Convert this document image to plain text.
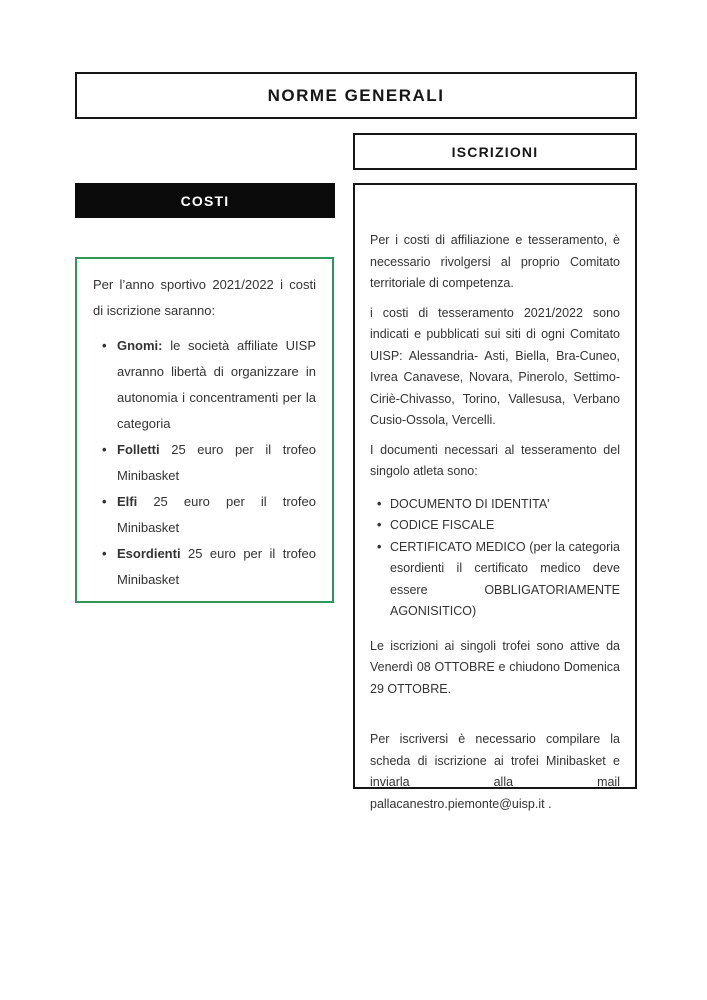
NORME GENERALI
ISCRIZIONI
COSTI

Per l’anno sportivo 2021/2022 i costi di iscrizione saranno:

•
Gnomi: le società affiliate UISP avranno libertà di organizzare in autonomia i concentramenti per la categoria
•
Folletti 25 euro per il trofeo Minibasket
•
Elfi 25 euro per il trofeo Minibasket
•
Esordienti 25 euro per il trofeo Minibasket

Per i costi di affiliazione e tesseramento, è necessario rivolgersi al proprio Comitato territoriale di competenza.

i costi di tesseramento 2021/2022 sono indicati e pubblicati sui siti di ogni Comitato UISP: Alessandria- Asti, Biella, Bra-Cuneo, Ivrea Canavese, Novara, Pinerolo, Settimo-Ciriè-Chivasso, Torino, Vallesusa, Verbano Cusio-Ossola, Vercelli.

I documenti necessari al tesseramento del singolo atleta sono:

•
DOCUMENTO DI IDENTITA'
•
CODICE FISCALE
•
CERTIFICATO MEDICO (per la categoria esordienti il certificato medico deve essere OBBLIGATORIAMENTE AGONISITICO)

Le iscrizioni ai singoli trofei sono attive da Venerdì 08 OTTOBRE e chiudono Domenica 29 OTTOBRE.

Per iscriversi è necessario compilare la scheda di iscrizione ai trofei Minibasket e inviarla alla mail pallacanestro.piemonte@uisp.it .
